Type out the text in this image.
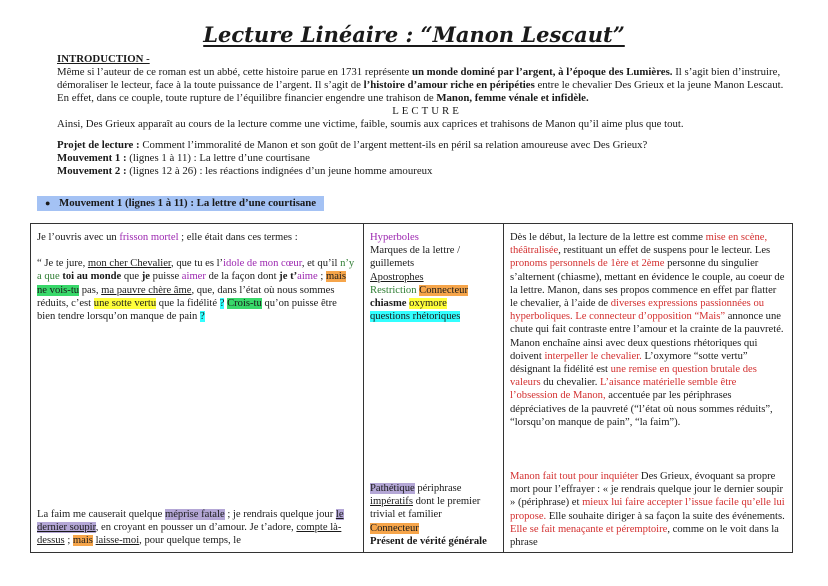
Lecture Linéaire : “Manon Lescaut”

INTRODUCTION -

Même si l’auteur de ce roman est un abbé, cette histoire parue en 1731 représente un monde dominé par l’argent, à l’époque des Lumières. Il s’agit bien d’instruire, démoraliser le lecteur, face à la toute puissance de l’argent. Il s’agit de l’histoire d’amour riche en péripéties entre le chevalier Des Grieux et la jeune Manon Lescaut. En effet, dans ce couple, toute rupture de l’équilibre financier engendre une trahison de Manon, femme vénale et infidèle.

LECTURE

Ainsi, Des Grieux apparaît au cours de la lecture comme une victime, faible, soumis aux caprices et trahisons de Manon qu’il aime plus que tout.

Projet de lecture : Comment l’immoralité de Manon et son goût de l’argent mettent-ils en péril sa relation amoureuse avec Des Grieux?

Mouvement 1 : (lignes 1 à 11) : La lettre d’une courtisane

Mouvement 2 : (lignes 12 à 26) : les réactions indignées d’un jeune homme amoureux

● Mouvement 1 (lignes 1 à 11) : La lettre d’une courtisane
Je l’ouvris avec un frisson mortel ; elle était dans ces termes :
“ Je te jure, mon cher Chevalier, que tu es l’idole de mon cœur, et qu’il n’y a que toi au monde que je puisse aimer de la façon dont je t’aime ; mais ne vois-tu pas, ma pauvre chère âme, que, dans l’état où nous sommes réduits, c’est une sotte vertu que la fidélité ? Crois-tu qu’on puisse être bien tendre lorsqu’on manque de pain ?
La faim me causerait quelque méprise fatale ; je rendrais quelque jour le dernier soupir, en croyant en pousser un d’amour. Je t’adore, compte là-dessus ; mais laisse-moi, pour quelque temps, le
Hyperboles
Marques de la lettre / guillemets
Apostrophes
Restriction Connecteur
chiasme oxymore
questions rhétoriques
Pathétique périphrase
impératifs dont le premier trivial et familier
Connecteur
Présent de vérité générale
Dès le début, la lecture de la lettre est comme mise en scène, théâtralisée, restituant un effet de suspens pour le lecteur. Les pronoms personnels de 1ère et 2ème personne du singulier s’alternent (chiasme), mettant en évidence le couple, au coeur de la lettre. Manon, dans ses propos commence en effet par flatter le chevalier, à l’aide de diverses expressions passionnées ou hyperboliques. Le connecteur d’opposition “Mais” annonce une chute qui fait contraste entre l’amour et la crainte de la pauvreté. Manon enchaîne ainsi avec deux questions rhétoriques qui doivent interpeller le chevalier. L’oxymore “sotte vertu” désignant la fidélité est une remise en question brutale des valeurs du chevalier. L’aisance matérielle semble être l’obsession de Manon, accentuée par les périphrases dépréciatives de la pauvreté (“l’état où nous sommes réduits”, “lorsqu’on manque de pain”, “la faim”).
Manon fait tout pour inquiéter Des Grieux, évoquant sa propre mort pour l’effrayer : « je rendrais quelque jour le dernier soupir » (périphrase) et mieux lui faire accepter l’issue facile qu’elle lui propose. Elle souhaite diriger à sa façon la suite des événements. Elle se fait menaçante et péremptoire, comme on le voit dans la phrase
